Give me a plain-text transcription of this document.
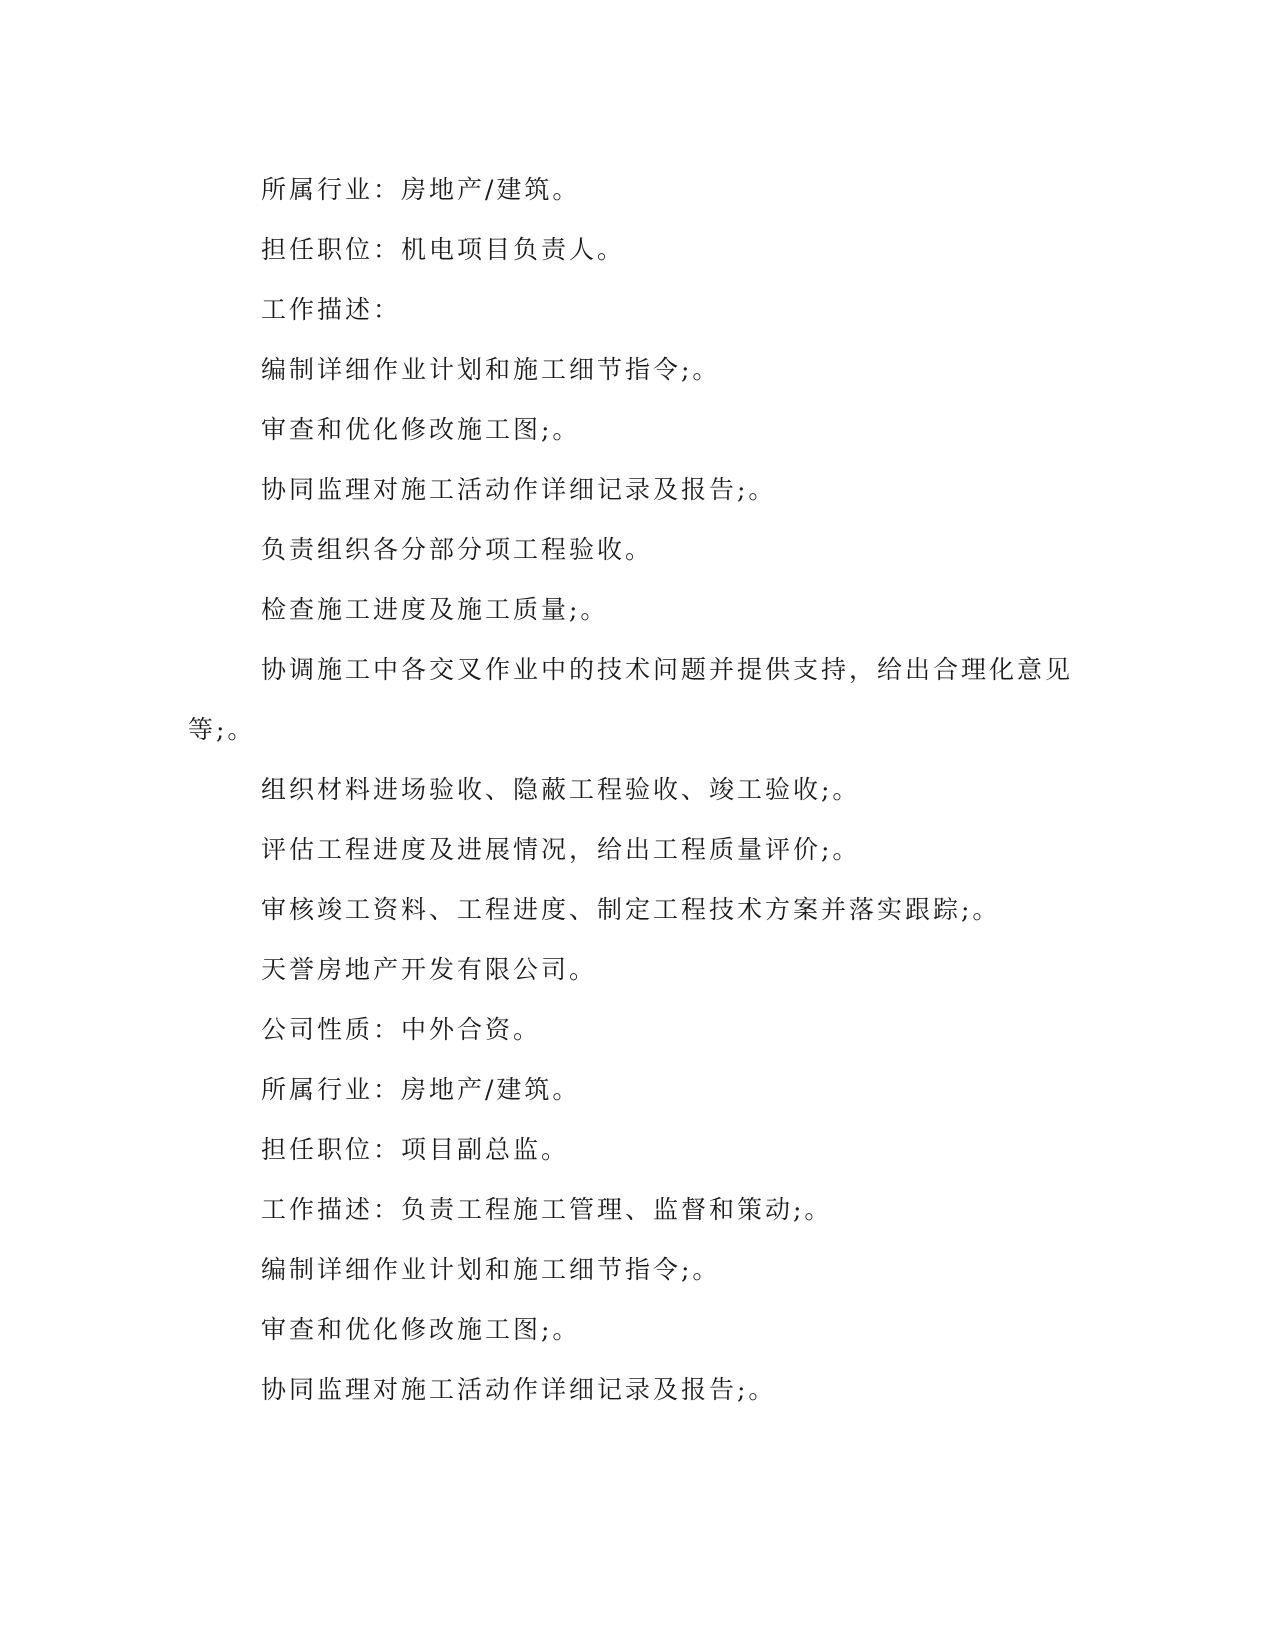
所属行业：房地产/建筑。

担任职位：机电项目负责人。

工作描述：

编制详细作业计划和施工细节指令;。

审查和优化修改施工图;。

协同监理对施工活动作详细记录及报告;。

负责组织各分部分项工程验收。

检查施工进度及施工质量;。

协调施工中各交叉作业中的技术问题并提供支持，给出合理化意见等;。

组织材料进场验收、隐蔽工程验收、竣工验收;。

评估工程进度及进展情况，给出工程质量评价;。

审核竣工资料、工程进度、制定工程技术方案并落实跟踪;。

天誉房地产开发有限公司。

公司性质：中外合资。

所属行业：房地产/建筑。

担任职位：项目副总监。

工作描述：负责工程施工管理、监督和策动;。

编制详细作业计划和施工细节指令;。

审查和优化修改施工图;。

协同监理对施工活动作详细记录及报告;。
